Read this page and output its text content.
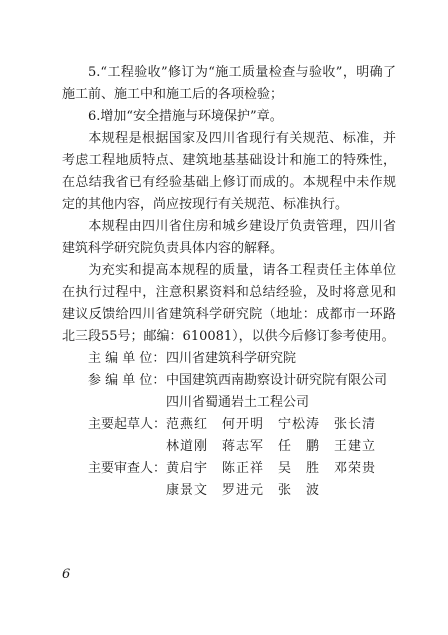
5.“工程验收”修订为“施工质量检查与验收”，明确了施工前、施工中和施工后的各项检验；

6.增加“安全措施与环境保护”章。

本规程是根据国家及四川省现行有关规范、标准，并考虑工程地质特点、建筑地基基础设计和施工的特殊性，在总结我省已有经验基础上修订而成的。本规程中未作规定的其他内容，尚应按现行有关规范、标准执行。

本规程由四川省住房和城乡建设厅负责管理，四川省建筑科学研究院负责具体内容的解释。

为充实和提高本规程的质量，请各工程责任主体单位在执行过程中，注意积累资料和总结经验，及时将意见和建议反馈给四川省建筑科学研究院（地址：成都市一环路北三段55号；邮编：610081），以供今后修订参考使用。

主 编 单 位： 四川省建筑科学研究院
参 编 单 位： 中国建筑西南勘察设计研究院有限公司
四川省蜀通岩土工程公司
主要起草人： 范燕红 何开明 宁松涛 张长清
林道刚 蒋志军 任　鹏 王建立
主要审查人： 黄启宇 陈正祥 吴　胜 邓荣贵
康景文 罗进元 张　波
6
